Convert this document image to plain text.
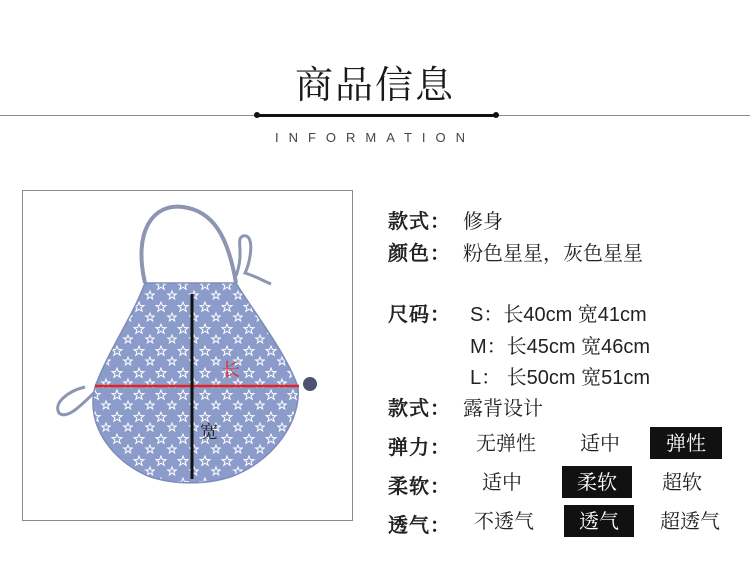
商品信息
INFORMATION
长
宽
款式： 修身
颜色： 粉色星星，灰色星星
尺码： S：长40cm 宽41cm
M：长45cm 宽46cm
L： 长50cm 宽51cm
款式： 露背设计
弹力：	无弹性	适中	弹性
柔软：	适中	柔软	超软
透气：	不透气	透气	超透气
